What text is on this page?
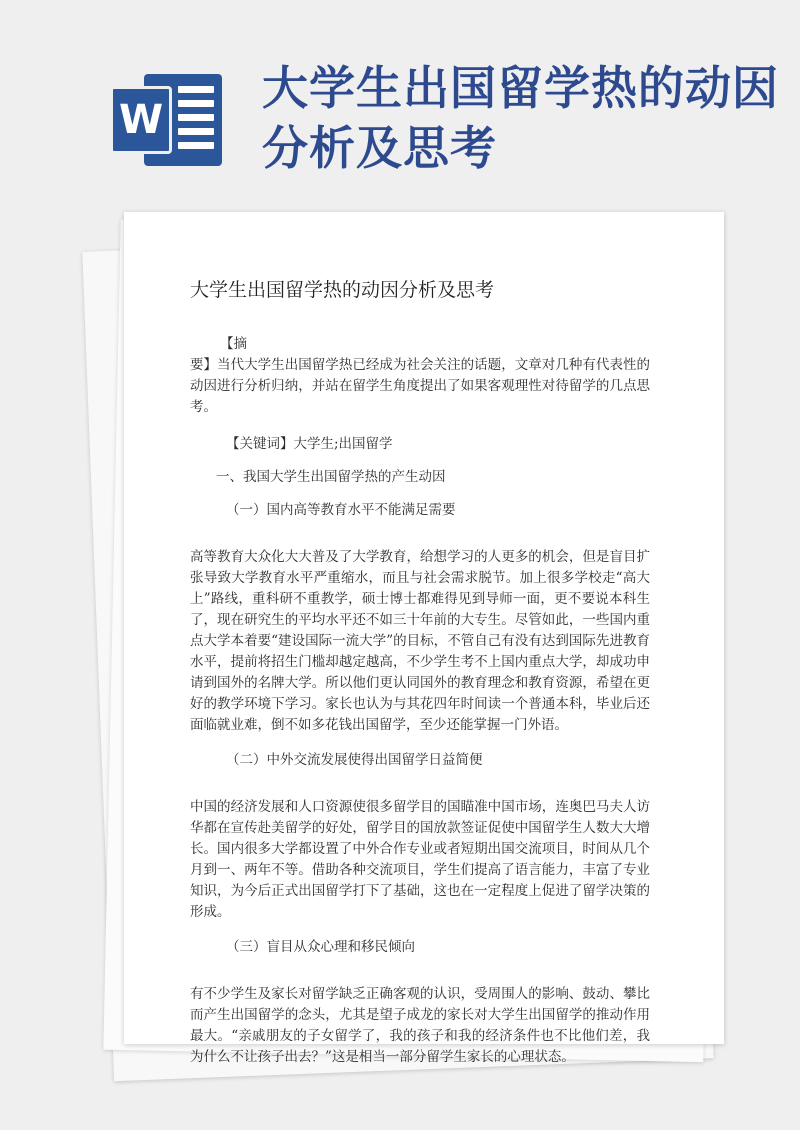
W
大学生出国留学热的动因分析及思考
大学生出国留学热的动因分析及思考
【摘
要】当代大学生出国留学热已经成为社会关注的话题，文章对几种有代表性的动因进行分析归纳，并站在留学生角度提出了如果客观理性对待留学的几点思考。
【关键词】大学生;出国留学
一、我国大学生出国留学热的产生动因
（一）国内高等教育水平不能满足需要
高等教育大众化大大普及了大学教育，给想学习的人更多的机会，但是盲目扩张导致大学教育水平严重缩水，而且与社会需求脱节。加上很多学校走“高大上”路线，重科研不重教学，硕士博士都难得见到导师一面，更不要说本科生了，现在研究生的平均水平还不如三十年前的大专生。尽管如此，一些国内重点大学本着要“建设国际一流大学”的目标，不管自己有没有达到国际先进教育水平，提前将招生门槛却越定越高，不少学生考不上国内重点大学，却成功申请到国外的名牌大学。所以他们更认同国外的教育理念和教育资源，希望在更好的教学环境下学习。家长也认为与其花四年时间读一个普通本科，毕业后还面临就业难，倒不如多花钱出国留学，至少还能掌握一门外语。
（二）中外交流发展使得出国留学日益简便
中国的经济发展和人口资源使很多留学目的国瞄准中国市场，连奥巴马夫人访华都在宣传赴美留学的好处，留学目的国放款签证促使中国留学生人数大大增长。国内很多大学都设置了中外合作专业或者短期出国交流项目，时间从几个月到一、两年不等。借助各种交流项目，学生们提高了语言能力，丰富了专业知识，为今后正式出国留学打下了基础，这也在一定程度上促进了留学决策的形成。
（三）盲目从众心理和移民倾向
有不少学生及家长对留学缺乏正确客观的认识，受周围人的影响、鼓动、攀比而产生出国留学的念头，尤其是望子成龙的家长对大学生出国留学的推动作用最大。“亲戚朋友的子女留学了，我的孩子和我的经济条件也不比他们差，我为什么不让孩子出去？”这是相当一部分留学生家长的心理状态。
